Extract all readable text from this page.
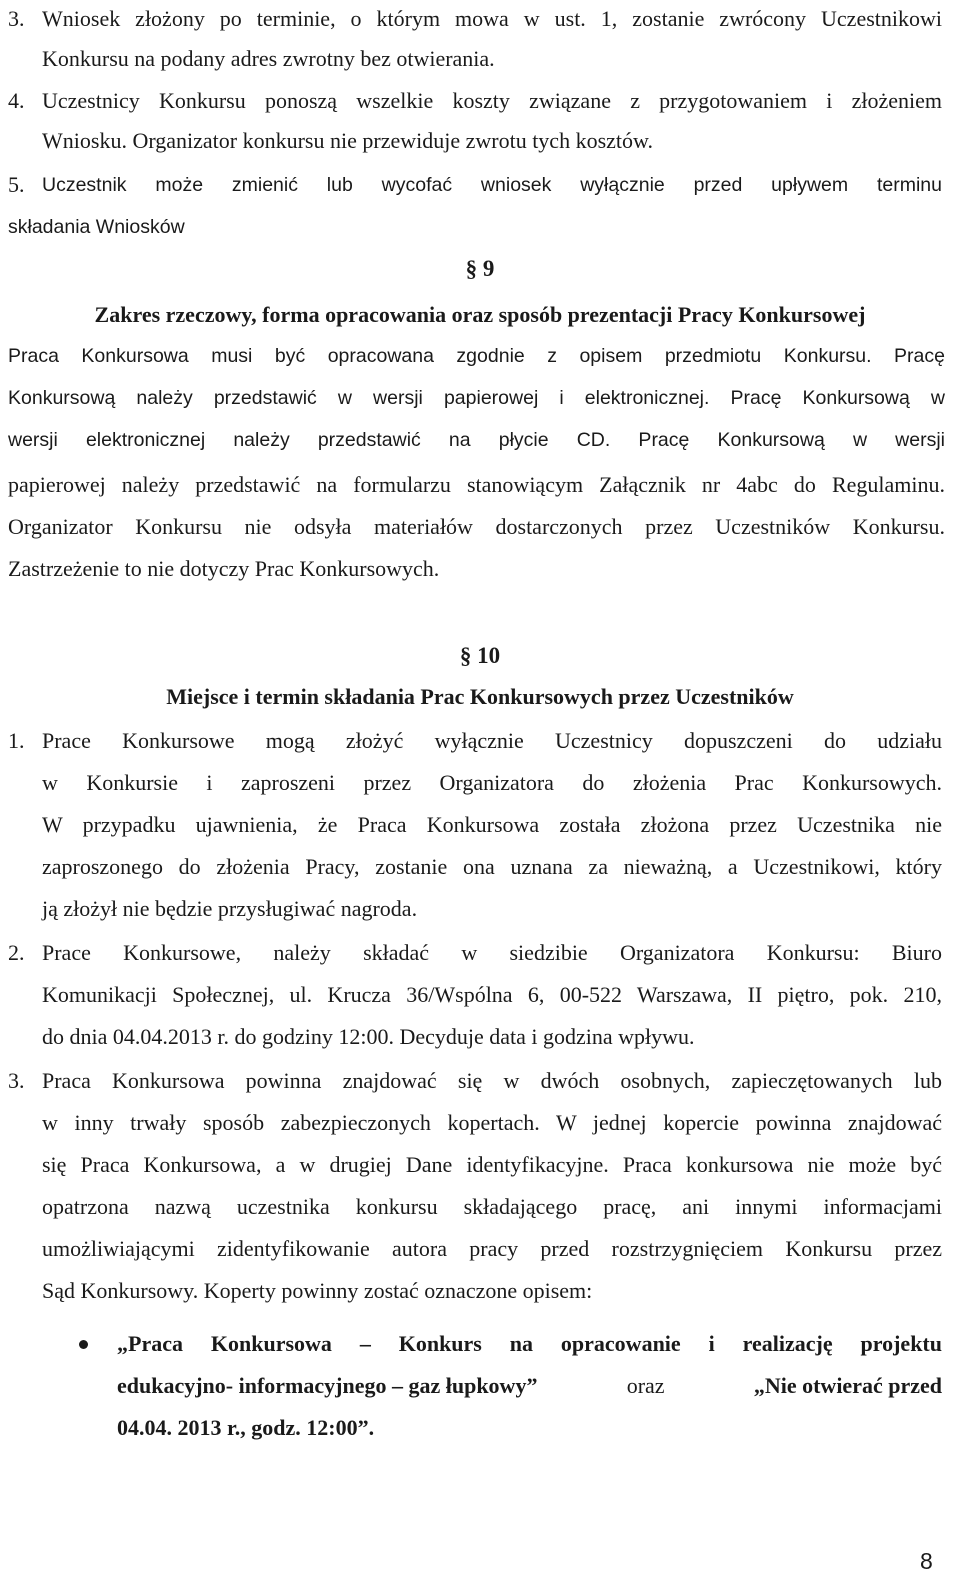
3. Wniosek złożony po terminie, o którym mowa w ust. 1, zostanie zwrócony Uczestnikowi
Konkursu na podany adres zwrotny bez otwierania.
4. Uczestnicy Konkursu ponoszą wszelkie koszty związane z przygotowaniem i złożeniem
Wniosku. Organizator konkursu nie przewiduje zwrotu tych kosztów.
5. Uczestnik może zmienić lub wycofać wniosek wyłącznie przed upływem terminu
składania Wniosków
§ 9
Zakres rzeczowy, forma opracowania oraz sposób prezentacji Pracy Konkursowej
Praca Konkursowa musi być opracowana zgodnie z opisem przedmiotu Konkursu. Pracę
Konkursową należy przedstawić w wersji papierowej i elektronicznej. Pracę Konkursową w
wersji elektronicznej należy przedstawić na płycie CD. Pracę Konkursową w wersji
papierowej należy przedstawić na formularzu stanowiącym Załącznik nr 4abc do Regulaminu.
Organizator Konkursu nie odsyła materiałów dostarczonych przez Uczestników Konkursu.
Zastrzeżenie to nie dotyczy Prac Konkursowych.
§ 10
Miejsce i termin składania Prac Konkursowych przez Uczestników
1. Prace Konkursowe mogą złożyć wyłącznie Uczestnicy dopuszczeni do udziału
w Konkursie i zaproszeni przez Organizatora do złożenia Prac Konkursowych.
W przypadku ujawnienia, że Praca Konkursowa została złożona przez Uczestnika nie
zaproszonego do złożenia Pracy, zostanie ona uznana za nieważną, a Uczestnikowi, który
ją złożył nie będzie przysługiwać nagroda.
2. Prace Konkursowe, należy składać w siedzibie Organizatora Konkursu: Biuro
Komunikacji Społecznej, ul. Krucza 36/Wspólna 6, 00-522 Warszawa, II piętro, pok. 210,
do dnia 04.04.2013 r. do godziny 12:00. Decyduje data i godzina wpływu.
3. Praca Konkursowa powinna znajdować się w dwóch osobnych, zapieczętowanych lub
w inny trwały sposób zabezpieczonych kopertach. W jednej kopercie powinna znajdować
się Praca Konkursowa, a w drugiej Dane identyfikacyjne. Praca konkursowa nie może być
opatrzona nazwą uczestnika konkursu składającego pracę, ani innymi informacjami
umożliwiającymi zidentyfikowanie autora pracy przed rozstrzygnięciem Konkursu przez
Sąd Konkursowy. Koperty powinny zostać oznaczone opisem:
„Praca Konkursowa – Konkurs na opracowanie i realizację projektu
edukacyjno- informacyjnego – gaz łupkowy”	oraz	„Nie otwierać przed
04.04. 2013 r., godz. 12:00”.
8
